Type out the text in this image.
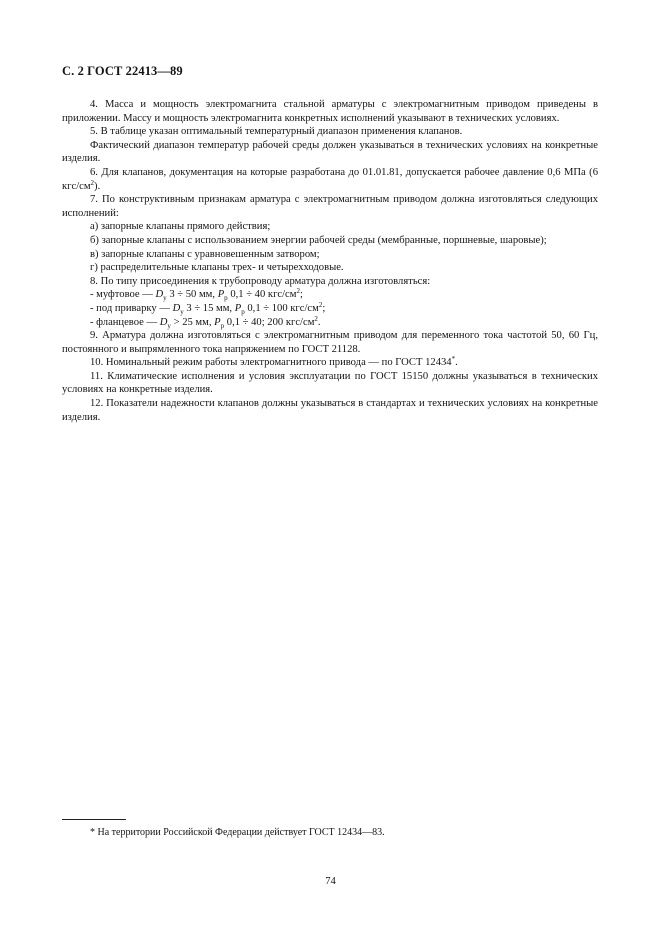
С. 2 ГОСТ 22413—89

4. Масса и мощность электромагнита стальной арматуры с электромагнитным приводом приведены в приложении. Массу и мощность электромагнита конкретных исполнений указывают в технических условиях.

5. В таблице указан оптимальный температурный диапазон применения клапанов.

Фактический диапазон температур рабочей среды должен указываться в технических условиях на конкретные изделия.

6. Для клапанов, документация на которые разработана до 01.01.81, допускается рабочее давление 0,6 МПа (6 кгс/$см^2$).

7. По конструктивным признакам арматура с электромагнитным приводом должна изготовляться следующих исполнений:

а) запорные клапаны прямого действия;

б) запорные клапаны с использованием энергии рабочей среды (мембранные, поршневые, шаровые);

в) запорные клапаны с уравновешенным затвором;

г) распределительные клапаны трех- и четырехходовые.

8. По типу присоединения к трубопроводу арматура должна изготовляться:

- муфтовое — $D_у$ 3 ÷ 50 мм, $P_р$ 0,1 ÷ 40 кгс/$см^2$;

- под приварку — $D_у$ 3 ÷ 15 мм, $P_р$ 0,1 ÷ 100 кгс/$см^2$;

- фланцевое — $D_у > 25$ мм, $P_р$ 0,1 ÷ 40; 200 кгс/$см^2$.

9. Арматура должна изготовляться с электромагнитным приводом для переменного тока частотой 50, 60 Гц, постоянного и выпрямленного тока напряжением по ГОСТ 21128.

10. Номинальный режим работы электромагнитного привода — по ГОСТ 12434*.

11. Климатические исполнения и условия эксплуатации по ГОСТ 15150 должны указываться в технических условиях на конкретные изделия.

12. Показатели надежности клапанов должны указываться в стандартах и технических условиях на конкретные изделия.

* На территории Российской Федерации действует ГОСТ 12434—83.
74
